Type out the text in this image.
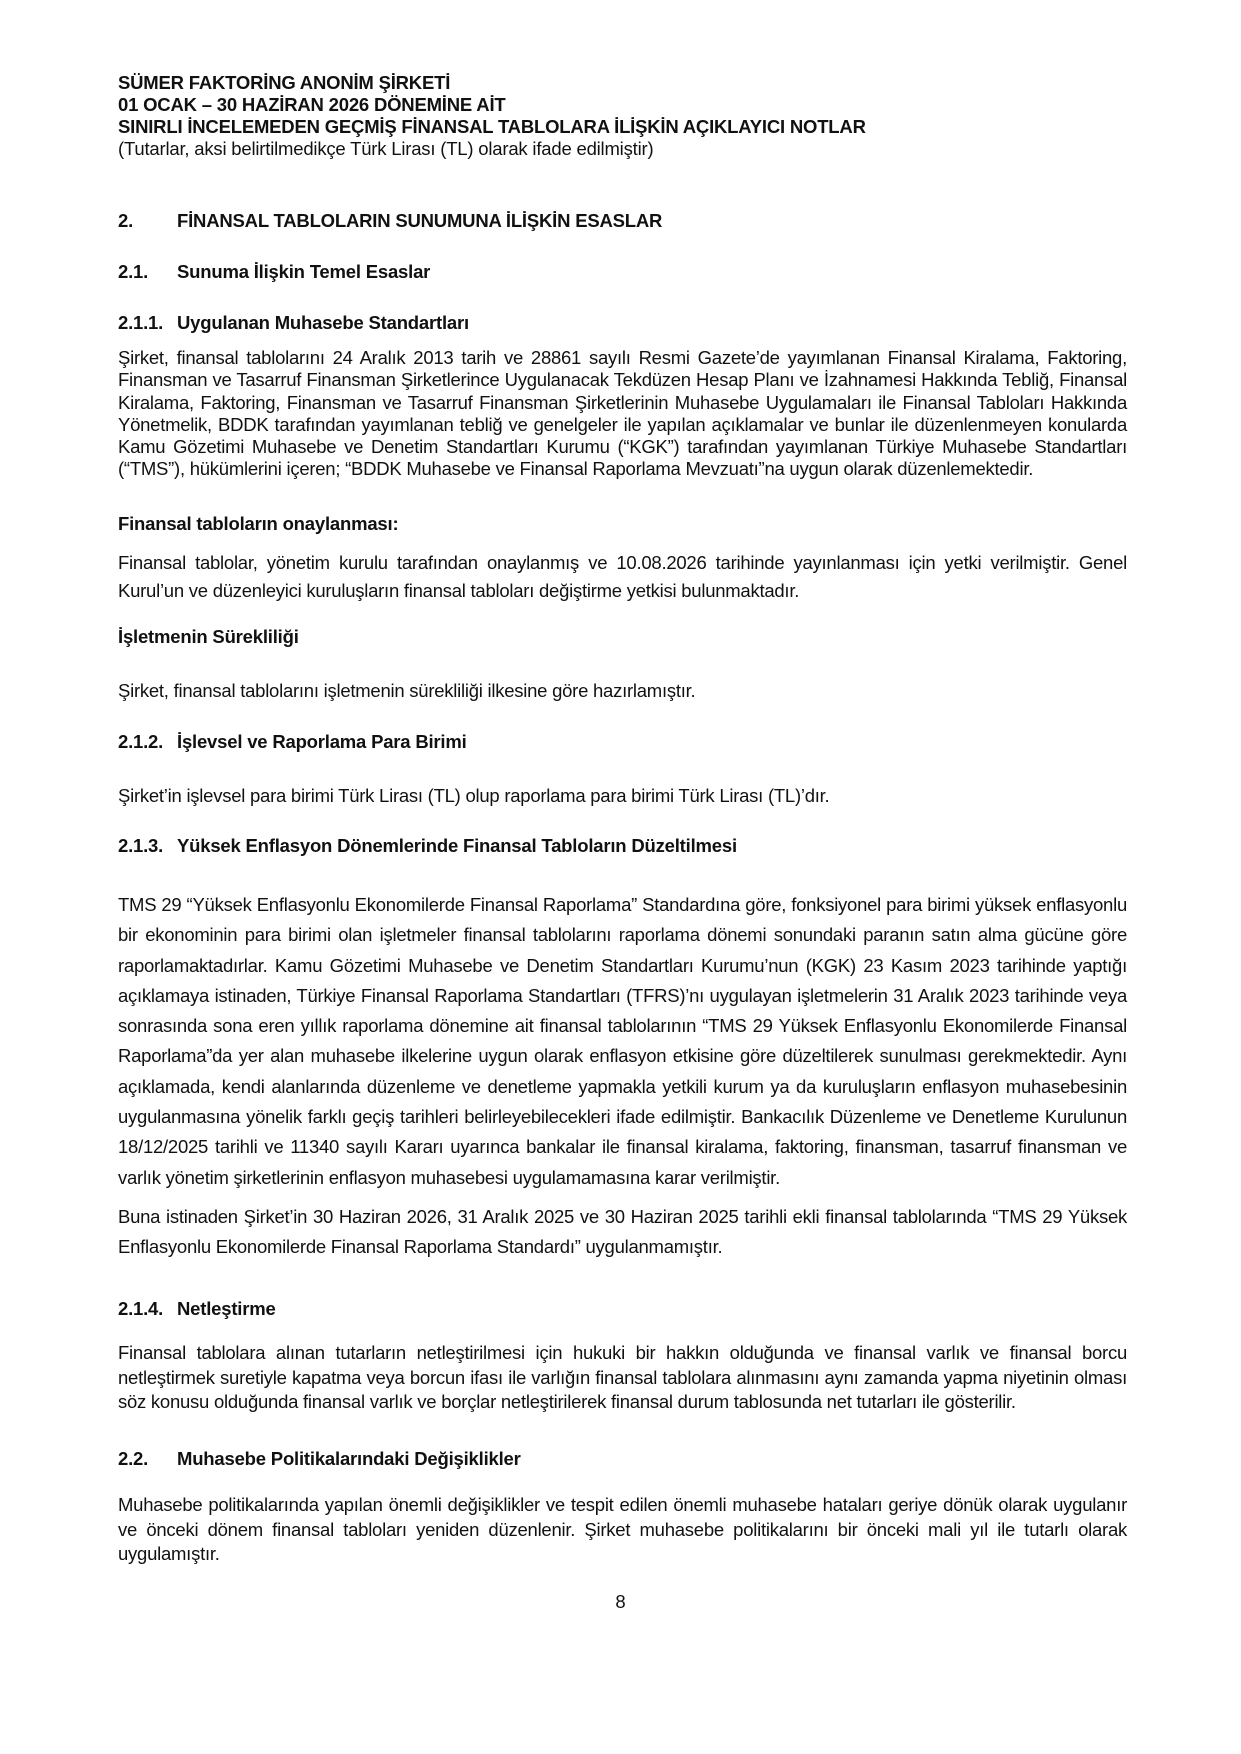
SÜMER FAKTORİNG ANONİM ŞİRKETİ
01 OCAK – 30 HAZİRAN 2026 DÖNEMİNE AİT
SINIRLI İNCELEMEDEN GEÇMİŞ FİNANSAL TABLOLARA İLİŞKİN AÇIKLAYICI NOTLAR
(Tutarlar, aksi belirtilmedikçe Türk Lirası (TL) olarak ifade edilmiştir)
2. FİNANSAL TABLOLARIN SUNUMUNA İLİŞKİN ESASLAR
2.1. Sunuma İlişkin Temel Esaslar
2.1.1. Uygulanan Muhasebe Standartları

Şirket, finansal tablolarını 24 Aralık 2013 tarih ve 28861 sayılı Resmi Gazete’de yayımlanan Finansal Kiralama, Faktoring, Finansman ve Tasarruf Finansman Şirketlerince Uygulanacak Tekdüzen Hesap Planı ve İzahnamesi Hakkında Tebliğ, Finansal Kiralama, Faktoring, Finansman ve Tasarruf Finansman Şirketlerinin Muhasebe Uygulamaları ile Finansal Tabloları Hakkında Yönetmelik, BDDK tarafından yayımlanan tebliğ ve genelgeler ile yapılan açıklamalar ve bunlar ile düzenlenmeyen konularda Kamu Gözetimi Muhasebe ve Denetim Standartları Kurumu (“KGK”) tarafından yayımlanan Türkiye Muhasebe Standartları (“TMS”), hükümlerini içeren; “BDDK Muhasebe ve Finansal Raporlama Mevzuatı”na uygun olarak düzenlemektedir.

Finansal tabloların onaylanması:

Finansal tablolar, yönetim kurulu tarafından onaylanmış ve 10.08.2026 tarihinde yayınlanması için yetki verilmiştir. Genel Kurul’un ve düzenleyici kuruluşların finansal tabloları değiştirme yetkisi bulunmaktadır.

İşletmenin Sürekliliği

Şirket, finansal tablolarını işletmenin sürekliliği ilkesine göre hazırlamıştır.

2.1.2. İşlevsel ve Raporlama Para Birimi

Şirket’in işlevsel para birimi Türk Lirası (TL) olup raporlama para birimi Türk Lirası (TL)’dır.

2.1.3. Yüksek Enflasyon Dönemlerinde Finansal Tabloların Düzeltilmesi

TMS 29 “Yüksek Enflasyonlu Ekonomilerde Finansal Raporlama” Standardına göre, fonksiyonel para birimi yüksek enflasyonlu bir ekonominin para birimi olan işletmeler finansal tablolarını raporlama dönemi sonundaki paranın satın alma gücüne göre raporlamaktadırlar. Kamu Gözetimi Muhasebe ve Denetim Standartları Kurumu’nun (KGK) 23 Kasım 2023 tarihinde yaptığı açıklamaya istinaden, Türkiye Finansal Raporlama Standartları (TFRS)’nı uygulayan işletmelerin 31 Aralık 2023 tarihinde veya sonrasında sona eren yıllık raporlama dönemine ait finansal tablolarının “TMS 29 Yüksek Enflasyonlu Ekonomilerde Finansal Raporlama”da yer alan muhasebe ilkelerine uygun olarak enflasyon etkisine göre düzeltilerek sunulması gerekmektedir. Aynı açıklamada, kendi alanlarında düzenleme ve denetleme yapmakla yetkili kurum ya da kuruluşların enflasyon muhasebesinin uygulanmasına yönelik farklı geçiş tarihleri belirleyebilecekleri ifade edilmiştir. Bankacılık Düzenleme ve Denetleme Kurulunun 18/12/2025 tarihli ve 11340 sayılı Kararı uyarınca bankalar ile finansal kiralama, faktoring, finansman, tasarruf finansman ve varlık yönetim şirketlerinin enflasyon muhasebesi uygulamamasına karar verilmiştir.

Buna istinaden Şirket’in 30 Haziran 2026, 31 Aralık 2025 ve 30 Haziran 2025 tarihli ekli finansal tablolarında “TMS 29 Yüksek Enflasyonlu Ekonomilerde Finansal Raporlama Standardı” uygulanmamıştır.

2.1.4. Netleştirme

Finansal tablolara alınan tutarların netleştirilmesi için hukuki bir hakkın olduğunda ve finansal varlık ve finansal borcu netleştirmek suretiyle kapatma veya borcun ifası ile varlığın finansal tablolara alınmasını aynı zamanda yapma niyetinin olması söz konusu olduğunda finansal varlık ve borçlar netleştirilerek finansal durum tablosunda net tutarları ile gösterilir.

2.2. Muhasebe Politikalarındaki Değişiklikler

Muhasebe politikalarında yapılan önemli değişiklikler ve tespit edilen önemli muhasebe hataları geriye dönük olarak uygulanır ve önceki dönem finansal tabloları yeniden düzenlenir. Şirket muhasebe politikalarını bir önceki mali yıl ile tutarlı olarak uygulamıştır.

8
